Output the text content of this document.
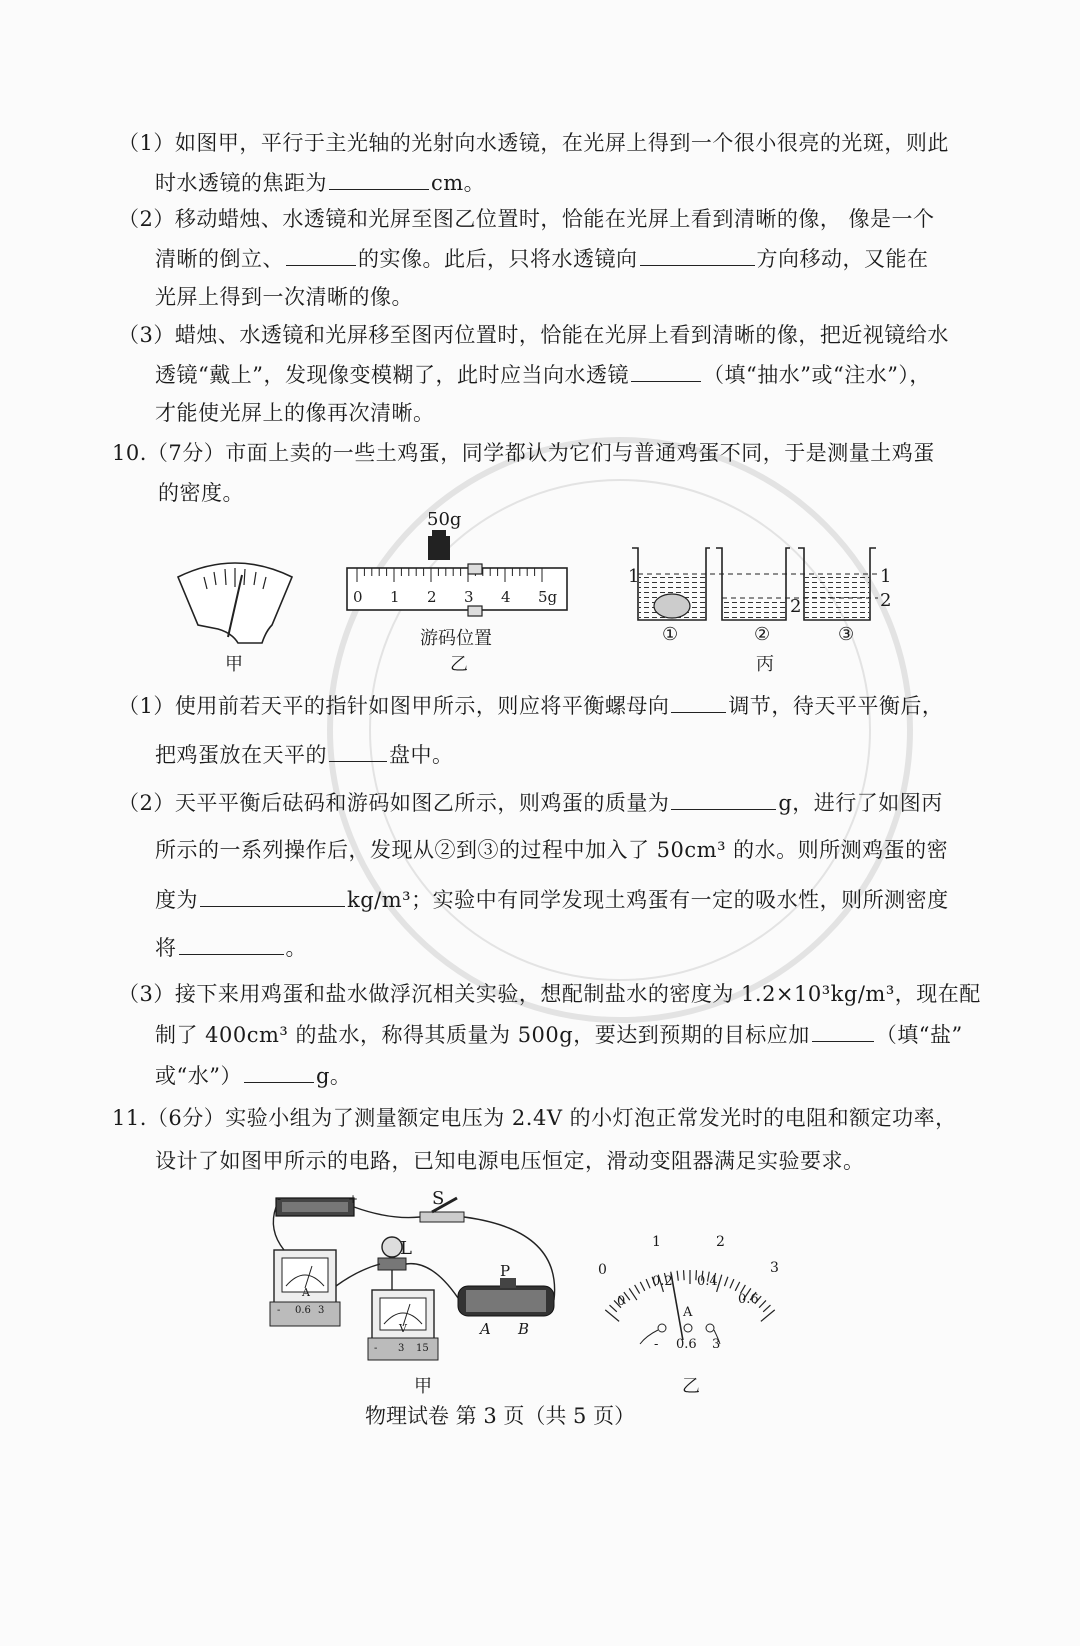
（1）如图甲，平行于主光轴的光射向水透镜，在光屏上得到一个很小很亮的光斑，则此
时水透镜的焦距为	cm。
（2）移动蜡烛、水透镜和光屏至图乙位置时，恰能在光屏上看到清晰的像， 像是一个
清晰的倒立、	的实像。此后，只将水透镜向	方向移动，又能在
光屏上得到一次清晰的像。
（3）蜡烛、水透镜和光屏移至图丙位置时，恰能在光屏上看到清晰的像，把近视镜给水
透镜“戴上”，发现像变模糊了，此时应当向水透镜	（填“抽水”或“注水”），
才能使光屏上的像再次清晰。
10.（7分）市面上卖的一些土鸡蛋，同学都认为它们与普通鸡蛋不同，于是测量土鸡蛋
的密度。
甲
50g
0 1 2 3 4 5g
游码位置
乙
1
2
1
2
①	②	③
丙
（1）使用前若天平的指针如图甲所示，则应将平衡螺母向	调节，待天平平衡后，
把鸡蛋放在天平的	盘中。
（2）天平平衡后砝码和游码如图乙所示，则鸡蛋的质量为	g，进行了如图丙
所示的一系列操作后，发现从②到③的过程中加入了 50cm³ 的水。则所测鸡蛋的密
度为	kg/m³；实验中有同学发现土鸡蛋有一定的吸水性，则所测密度
将	。
（3）接下来用鸡蛋和盐水做浮沉相关实验，想配制盐水的密度为 1.2×10³kg/m³，现在配
制了 400cm³ 的盐水，称得其质量为 500g，要达到预期的目标应加	（填“盐”
或“水”）	g。
11.（6分）实验小组为了测量额定电压为 2.4V 的小灯泡正常发光时的电阻和额定功率，
设计了如图甲所示的电路，已知电源电压恒定，滑动变阻器满足实验要求。
S
L
P
A B
-	+
A
V
- 0.6 3
- 3 15
甲
0
1	2
3
0
0.2 0.4
0.6
A
- 0.6 3
乙
物理试卷 第 3 页（共 5 页）
